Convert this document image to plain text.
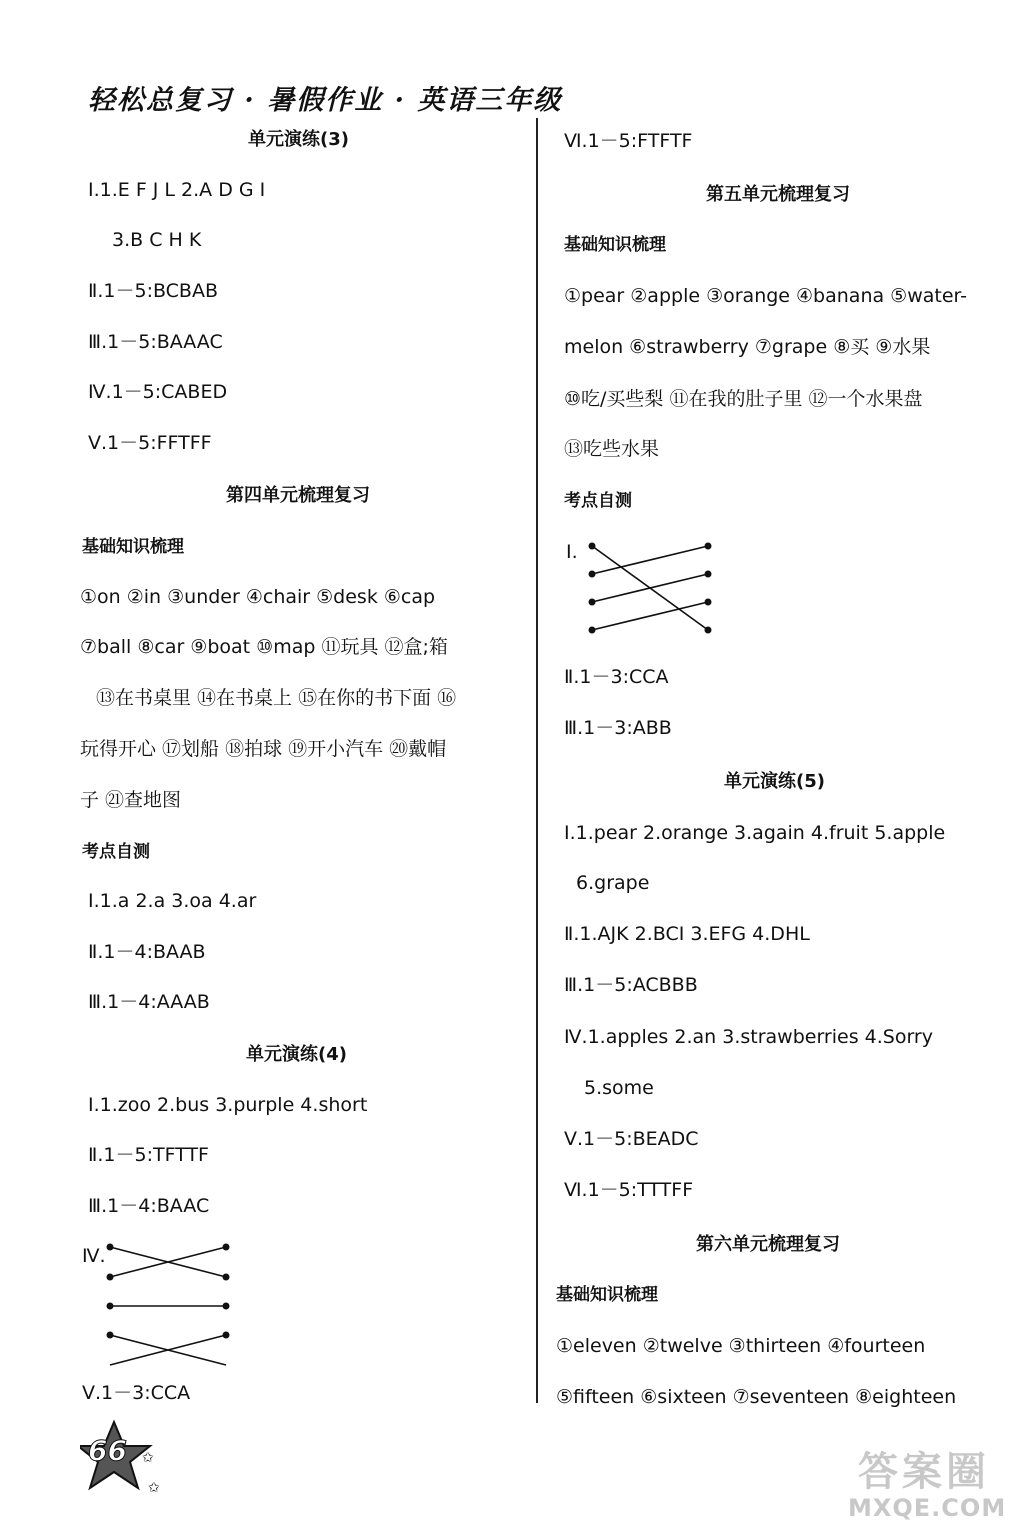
轻松总复习 · 暑假作业 · 英语三年级
单元演练(3)
Ⅰ.1.E F J L 2.A D G I
3.B C H K
Ⅱ.1－5:BCBAB
Ⅲ.1－5:BAAAC
Ⅳ.1－5:CABED
Ⅴ.1－5:FFTFF
第四单元梳理复习
基础知识梳理
①on ②in ③under ④chair ⑤desk ⑥cap
⑦ball ⑧car ⑨boat ⑩map ⑪玩具 ⑫盒;箱
⑬在书桌里 ⑭在书桌上 ⑮在你的书下面 ⑯
玩得开心 ⑰划船 ⑱拍球 ⑲开小汽车 ⑳戴帽
子 ㉑查地图
考点自测
Ⅰ.1.a 2.a 3.oa 4.ar
Ⅱ.1－4:BAAB
Ⅲ.1－4:AAAB
单元演练(4)
Ⅰ.1.zoo 2.bus 3.purple 4.short
Ⅱ.1－5:TFTTF
Ⅲ.1－4:BAAC
Ⅳ.
Ⅴ.1－3:CCA
Ⅵ.1－5:FTFTF
第五单元梳理复习
基础知识梳理
①pear ②apple ③orange ④banana ⑤water-
melon ⑥strawberry ⑦grape ⑧买 ⑨水果
⑩吃/买些梨 ⑪在我的肚子里 ⑫一个水果盘
⑬吃些水果
考点自测
Ⅰ.
Ⅱ.1－3:CCA
Ⅲ.1－3:ABB
单元演练(5)
Ⅰ.1.pear 2.orange 3.again 4.fruit 5.apple
6.grape
Ⅱ.1.AJK 2.BCI 3.EFG 4.DHL
Ⅲ.1－5:ACBBB
Ⅳ.1.apples 2.an 3.strawberries 4.Sorry
5.some
Ⅴ.1－5:BEADC
Ⅵ.1－5:TTTFF
第六单元梳理复习
基础知识梳理
①eleven ②twelve ③thirteen ④fourteen
⑤fifteen ⑥sixteen ⑦seventeen ⑧eighteen
✩
✩
66	答案圈
MXQE.COM
